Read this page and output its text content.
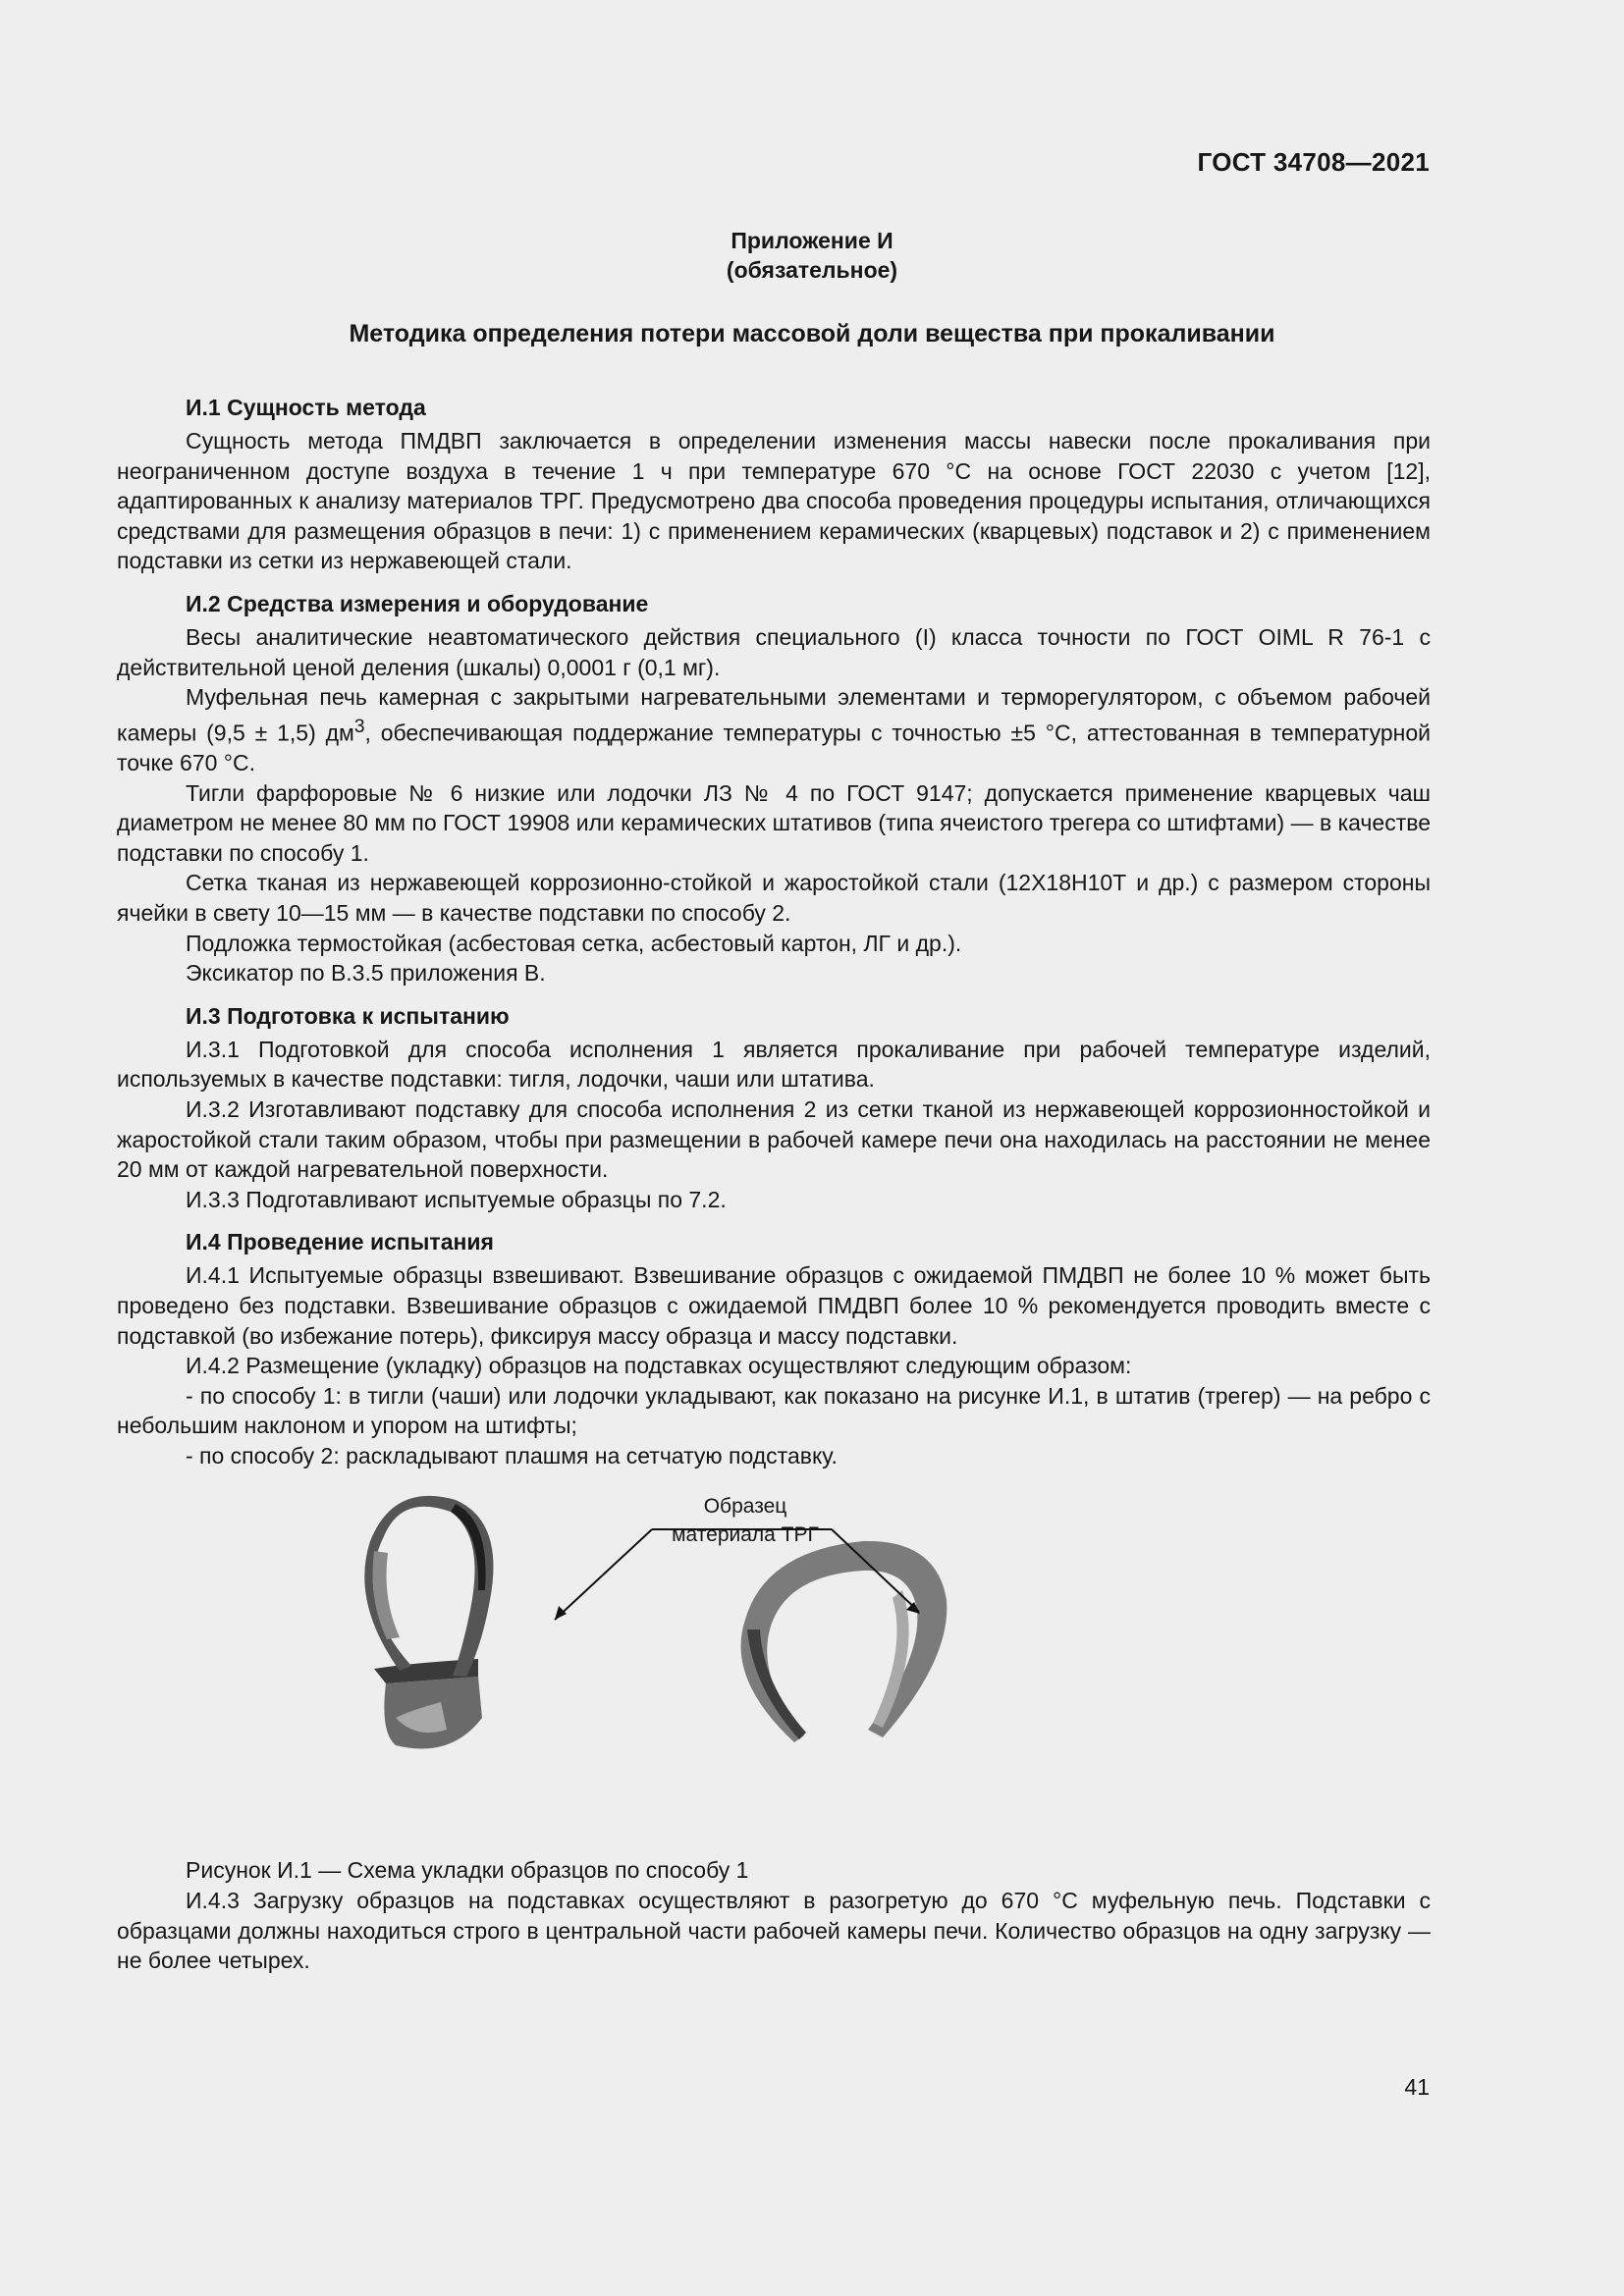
ГОСТ 34708—2021
Приложение И
(обязательное)
Методика определения потери массовой доли вещества при прокаливании
И.1 Сущность метода

Сущность метода ПМДВП заключается в определении изменения массы навески после прокаливания при неограниченном доступе воздуха в течение 1 ч при температуре 670 °C на основе ГОСТ 22030 с учетом [12], адаптированных к анализу материалов ТРГ. Предусмотрено два способа проведения процедуры испытания, отличающихся средствами для размещения образцов в печи: 1) с применением керамических (кварцевых) подставок и 2) с применением подставки из сетки из нержавеющей стали.

И.2 Средства измерения и оборудование

Весы аналитические неавтоматического действия специального (I) класса точности по ГОСТ OIML R 76-1 с действительной ценой деления (шкалы) 0,0001 г (0,1 мг).

Муфельная печь камерная с закрытыми нагревательными элементами и терморегулятором, с объемом рабочей камеры (9,5 ± 1,5) $дм^3$, обеспечивающая поддержание температуры с точностью ±5 °C, аттестованная в температурной точке 670 °C.

Тигли фарфоровые № 6 низкие или лодочки ЛЗ № 4 по ГОСТ 9147; допускается применение кварцевых чаш диаметром не менее 80 мм по ГОСТ 19908 или керамических штативов (типа ячеистого трегера со штифтами) — в качестве подставки по способу 1.

Сетка тканая из нержавеющей коррозионно-стойкой и жаростойкой стали (12Х18Н10Т и др.) с размером стороны ячейки в свету 10—15 мм — в качестве подставки по способу 2.

Подложка термостойкая (асбестовая сетка, асбестовый картон, ЛГ и др.).

Эксикатор по В.3.5 приложения В.

И.3 Подготовка к испытанию

И.3.1 Подготовкой для способа исполнения 1 является прокаливание при рабочей температуре изделий, используемых в качестве подставки: тигля, лодочки, чаши или штатива.

И.3.2 Изготавливают подставку для способа исполнения 2 из сетки тканой из нержавеющей коррозионностойкой и жаростойкой стали таким образом, чтобы при размещении в рабочей камере печи она находилась на расстоянии не менее 20 мм от каждой нагревательной поверхности.

И.3.3 Подготавливают испытуемые образцы по 7.2.

И.4 Проведение испытания

И.4.1 Испытуемые образцы взвешивают. Взвешивание образцов с ожидаемой ПМДВП не более 10 % может быть проведено без подставки. Взвешивание образцов с ожидаемой ПМДВП более 10 % рекомендуется проводить вместе с подставкой (во избежание потерь), фиксируя массу образца и массу подставки.

И.4.2 Размещение (укладку) образцов на подставках осуществляют следующим образом:

- по способу 1: в тигли (чаши) или лодочки укладывают, как показано на рисунке И.1, в штатив (трегер) — на ребро с небольшим наклоном и упором на штифты;

- по способу 2: раскладывают плашмя на сетчатую подставку.

Образец
материала ТРГ

Рисунок И.1 — Схема укладки образцов по способу 1

И.4.3 Загрузку образцов на подставках осуществляют в разогретую до 670 °C муфельную печь. Подставки с образцами должны находиться строго в центральной части рабочей камеры печи. Количество образцов на одну загрузку — не более четырех.

41
